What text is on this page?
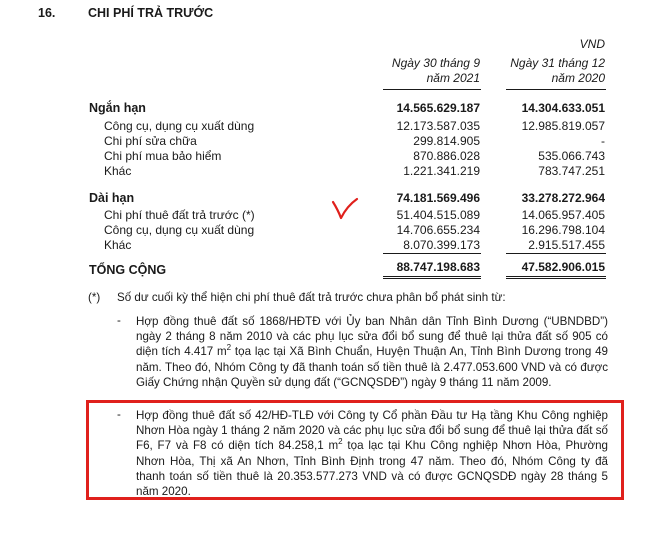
16.	CHI PHÍ TRẢ TRƯỚC
VND
Ngày 30 tháng 9
năm 2021
Ngày 31 tháng 12
năm 2020
Ngắn hạn	14.565.629.187	14.304.633.051
Công cụ, dụng cụ xuất dùng	12.173.587.035	12.985.819.057
Chi phí sửa chữa	299.814.905	-
Chi phí mua bảo hiểm	870.886.028	535.066.743
Khác	1.221.341.219	783.747.251
Dài hạn	74.181.569.496	33.278.272.964
Chi phí thuê đất trả trước (*)	51.404.515.089	14.065.957.405
Công cụ, dụng cụ xuất dùng	14.706.655.234	16.296.798.104
Khác	8.070.399.173	2.915.517.455
TỔNG CỘNG	88.747.198.683	47.582.906.015
(*) Số dư cuối kỳ thể hiện chi phí thuê đất trả trước chưa phân bổ phát sinh từ:
- Hợp đồng thuê đất số 1868/HĐTĐ với Ủy ban Nhân dân Tỉnh Bình Dương (“UBNDBD”) ngày 2 tháng 8 năm 2010 và các phụ lục sửa đổi bổ sung để thuê lại thửa đất số 905 có diện tích 4.417 $m^2$ tọa lạc tại Xã Bình Chuẩn, Huyện Thuận An, Tỉnh Bình Dương trong 49 năm. Theo đó, Nhóm Công ty đã thanh toán số tiền thuê là 2.477.053.600 VND và có được Giấy Chứng nhận Quyền sử dụng đất (“GCNQSDĐ”) ngày 9 tháng 11 năm 2009.
- Hợp đồng thuê đất số 42/HĐ-TLĐ với Công ty Cổ phần Đầu tư Hạ tầng Khu Công nghiệp Nhơn Hòa ngày 1 tháng 2 năm 2020 và các phụ lục sửa đổi bổ sung để thuê lại thửa đất số F6, F7 và F8 có diện tích 84.258,1 $m^2$ tọa lạc tại Khu Công nghiệp Nhơn Hòa, Phường Nhơn Hòa, Thị xã An Nhơn, Tỉnh Bình Định trong 47 năm. Theo đó, Nhóm Công ty đã thanh toán số tiền thuê là 20.353.577.273 VND và có được GCNQSDĐ ngày 28 tháng 5 năm 2020.
